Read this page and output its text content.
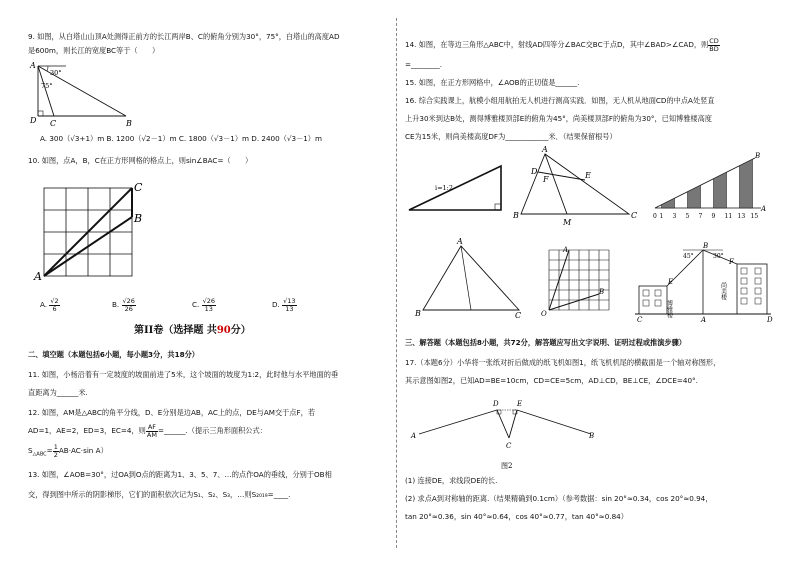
9. 如图，从白塔山山顶A处测得正前方的长江两岸B、C的俯角分别为30°，75°，白塔山的高度AD
是600m，则长江的宽度BC等于（　　）
A
D C	B
30°
75°
A. 300（√3+1）m B. 1200（√2－1）m C. 1800（√3－1）m D. 2400（√3－1）m
10. 如图，点A，B，C在正方形网格的格点上，则sin∠BAC=（　　）
A
B
C
A. $\frac{√2}{6}$	B. $\frac{√26}{26}$	C. $\frac{√26}{13}$	D. $\frac{√13}{13}$
第II卷（选择题 共90分）
二、填空题（本题包括6小题，每小题3分，共18分）
11. 如图，小杨沿着有一定坡度的坡面前进了5米，这个坡面的坡度为1:2，此时他与水平地面的垂
直距离为______米.
12. 如图，AM是△ABC的角平分线，D、E分别是边AB，AC上的点，DE与AM交于点F，若
AD=1，AE=2，ED=3，EC=4，则 $\frac{AF}{AM}$ =______.（提示三角形面积公式：
$S_{\triangle ABC}= \frac{1}{2} AB\cdot AC\cdot\sin$ A）
13. 如图，∠AOB=30°，过OA到O点的距离为1、3、5、7、…的点作OA的垂线，分别于OB相
交，得到图中所示的阴影梯形，它们的面积依次记为S₁、S₂、S₃，…则S₂₀₁₉=____.
14. 如图，在等边三角形△ABC中，射线AD四等分∠BAC交BC于点D，其中∠BAD>∠CAD，则 $\frac{CD}{BD}$
=________.
15. 如图，在正方形网格中，∠AOB的正切值是______.
16. 综合实践课上，航模小组用航拍无人机进行测高实践．如图，无人机从地面CD的中点A处竖直
上升30米到达B处，测得博雅楼顶部E的俯角为45°，尚美楼顶部F的俯角为30°，已知博雅楼高度
CE为15米，则尚美楼高度DF为____________米．（结果保留根号）
i=1:2
A
D
F	E
B
M
C
B
A
0 1 3 5 7 9 11 13 15
A
B	C
A
B
O
B
45°	30°
E
F
C	A	D
博雅楼
尚美楼
三、解答题（本题包括8小题，共72分，解答题应写出文字说明、证明过程或推演步骤）
17.（本题6分）小华将一张纸对折后做成的纸飞机如图1，纸飞机机尾的横截面是一个轴对称图形，
其示意图如图2，已知AD=BE=10cm，CD=CE=5cm，AD⊥CD，BE⊥CE，∠DCE=40°.
A
D	E
C
B
图2
(1) 连接DE，求线段DE的长.
(2) 求点A到对称轴的距离.（结果精确到0.1cm）（参考数据：sin 20°≈0.34，cos 20°≈0.94，
tan 20°≈0.36，sin 40°≈0.64，cos 40°≈0.77，tan 40°≈0.84）
